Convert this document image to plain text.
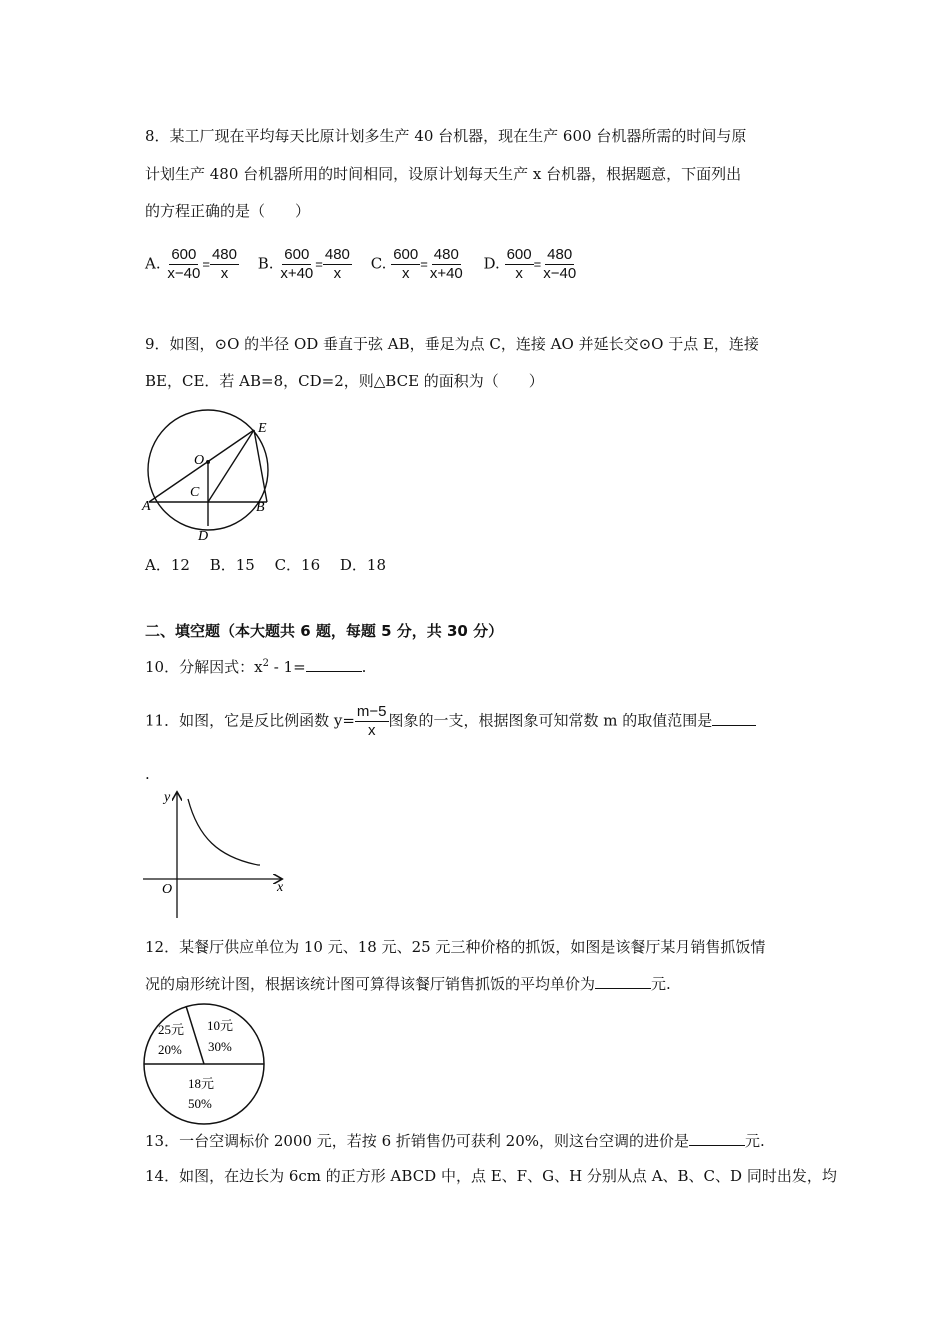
8．某工厂现在平均每天比原计划多生产 40 台机器，现在生产 600 台机器所需的时间与原
计划生产 480 台机器所用的时间相同，设原计划每天生产 x 台机器，根据题意，下面列出
的方程正确的是（　　）
A. $\frac{600}{x-40} = \frac{480}{x} B$. $\frac{600}{x+40} = \frac{480}{x} C$. $\frac{600}{x} = \frac{480}{x+40} D$. $\frac{600}{x} = \frac{480}{x-40}$
9．如图，⊙O 的半径 OD 垂直于弦 AB，垂足为点 C，连接 AO 并延长交⊙O 于点 E，连接
BE，CE．若 AB=8，CD=2，则△BCE 的面积为（　　）
O
C
E
A	B
D
A．12　 B．15　 C．16　 D．18
二、填空题（本大题共 6 题，每题 5 分，共 30 分）
10．分解因式：$x^2 - 1=$	.
11．如图，它是反比例函数 $y= \frac{m-5}{x}$ 图象的一支，根据图象可知常数 m 的取值范围是
.
y
x
O
12．某餐厅供应单位为 10 元、18 元、25 元三种价格的抓饭，如图是该餐厅某月销售抓饭情
况的扇形统计图，根据该统计图可算得该餐厅销售抓饭的平均单价为	元.
25元
20%
10元
30%
18元
50%
13．一台空调标价 2000 元，若按 6 折销售仍可获利 20%，则这台空调的进价是	元.
14．如图，在边长为 6cm 的正方形 ABCD 中，点 E、F、G、H 分别从点 A、B、C、D 同时出发，均
